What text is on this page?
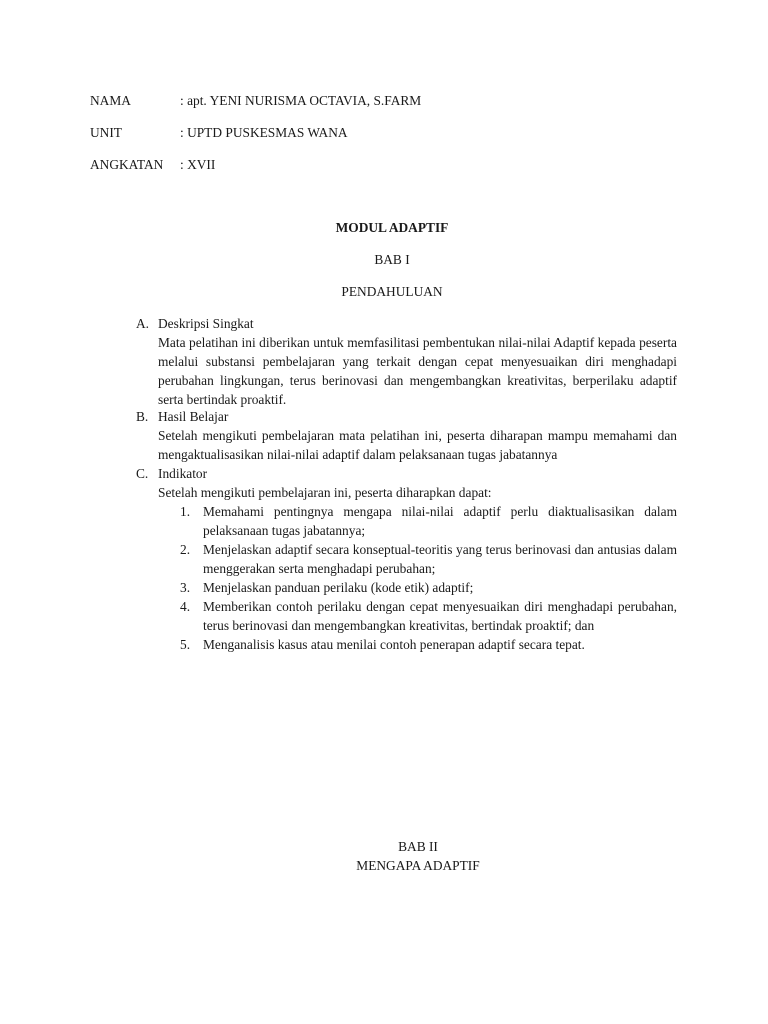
NAMA	: apt. YENI NURISMA OCTAVIA, S.FARM
UNIT	: UPTD PUSKESMAS WANA
ANGKATAN : XVII
MODUL ADAPTIF
BAB I
PENDAHULUAN
A. Deskripsi Singkat
Mata pelatihan ini diberikan untuk memfasilitasi pembentukan nilai-nilai Adaptif kepada peserta melalui substansi pembelajaran yang terkait dengan cepat menyesuaikan diri menghadapi perubahan lingkungan, terus berinovasi dan mengembangkan kreativitas, berperilaku adaptif serta bertindak proaktif.
B. Hasil Belajar
Setelah mengikuti pembelajaran mata pelatihan ini, peserta diharapan mampu memahami dan mengaktualisasikan nilai-nilai adaptif dalam pelaksanaan tugas jabatannya
C. Indikator
Setelah mengikuti pembelajaran ini, peserta diharapkan dapat:
1. Memahami pentingnya mengapa nilai-nilai adaptif perlu diaktualisasikan dalam pelaksanaan tugas jabatannya;
2. Menjelaskan adaptif secara konseptual-teoritis yang terus berinovasi dan antusias dalam menggerakan serta menghadapi perubahan;
3. Menjelaskan panduan perilaku (kode etik) adaptif;
4. Memberikan contoh perilaku dengan cepat menyesuaikan diri menghadapi perubahan, terus berinovasi dan mengembangkan kreativitas, bertindak proaktif; dan
5. Menganalisis kasus atau menilai contoh penerapan adaptif secara tepat.
BAB II
MENGAPA ADAPTIF
